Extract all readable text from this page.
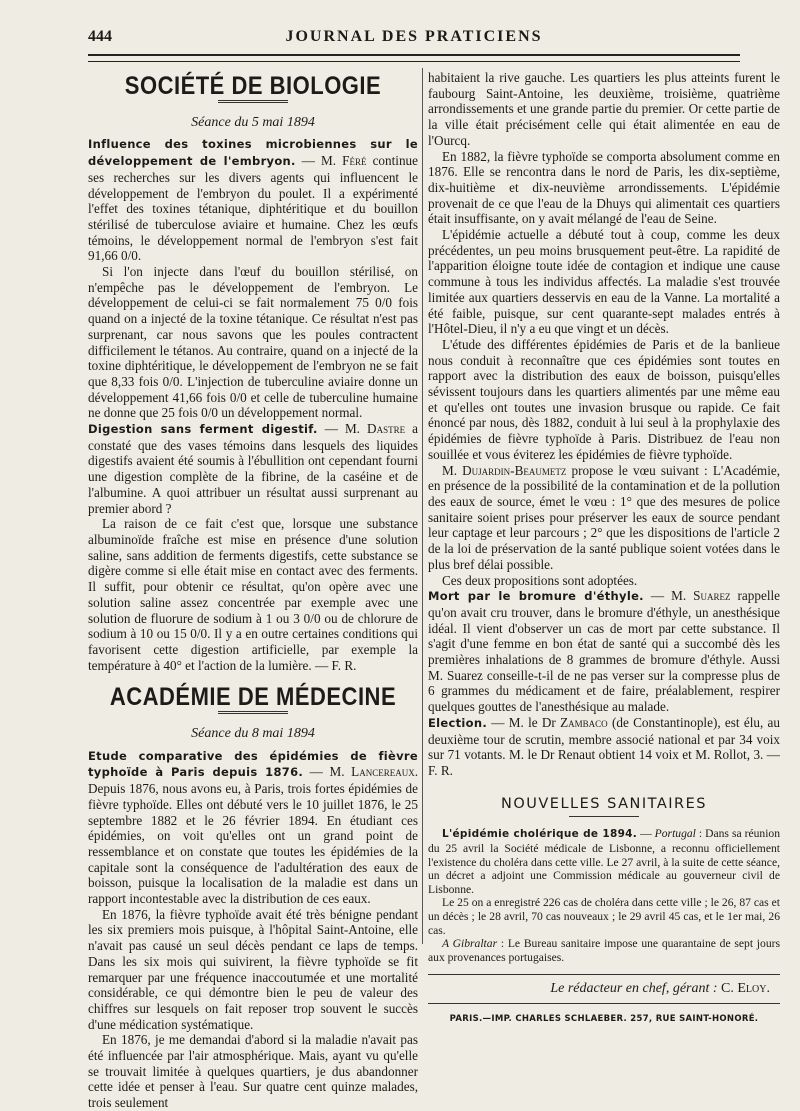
444	JOURNAL DES PRATICIENS
SOCIÉTÉ DE BIOLOGIE
Séance du 5 mai 1894

Influence des toxines microbiennes sur le développement de l'embryon. — M. Féré continue ses recherches sur les divers agents qui influencent le développement de l'embryon du poulet. Il a expérimenté l'effet des toxines tétanique, diphtéritique et du bouillon stérilisé de tuberculose aviaire et humaine. Chez les œufs témoins, le développement normal de l'embryon s'est fait 91,66 0/0.

Si l'on injecte dans l'œuf du bouillon stérilisé, on n'empêche pas le développement de l'embryon. Le développement de celui-ci se fait normalement 75 0/0 fois quand on a injecté de la toxine tétanique. Ce résultat n'est pas surprenant, car nous savons que les poules contractent difficilement le tétanos. Au contraire, quand on a injecté de la toxine diphtéritique, le développement de l'embryon ne se fait que 8,33 fois 0/0. L'injection de tuberculine aviaire donne un développement 41,66 fois 0/0 et celle de tuberculine humaine ne donne que 25 fois 0/0 un développement normal.

Digestion sans ferment digestif. — M. Dastre a constaté que des vases témoins dans lesquels des liquides digestifs avaient été soumis à l'ébullition ont cependant fourni une digestion complète de la fibrine, de la caséine et de l'albumine. A quoi attribuer un résultat aussi surprenant au premier abord ?

La raison de ce fait c'est que, lorsque une substance albuminoïde fraîche est mise en présence d'une solution saline, sans addition de ferments digestifs, cette substance se digère comme si elle était mise en contact avec des ferments. Il suffit, pour obtenir ce résultat, qu'on opère avec une solution saline assez concentrée par exemple avec une solution de fluorure de sodium à 1 ou 3 0/0 ou de chlorure de sodium à 10 ou 15 0/0. Il y a en outre certaines conditions qui favorisent cette digestion artificielle, par exemple la température à 40° et l'action de la lumière. — F. R.

ACADÉMIE DE MÉDECINE
Séance du 8 mai 1894

Etude comparative des épidémies de fièvre typhoïde à Paris depuis 1876. — M. Lancereaux. Depuis 1876, nous avons eu, à Paris, trois fortes épidémies de fièvre typhoïde. Elles ont débuté vers le 10 juillet 1876, le 25 septembre 1882 et le 26 février 1894. En étudiant ces épidémies, on voit qu'elles ont un grand point de ressemblance et on constate que toutes les épidémies de la capitale sont la conséquence de l'adultération des eaux de boisson, puisque la localisation de la maladie est dans un rapport incontestable avec la distribution de ces eaux.

En 1876, la fièvre typhoïde avait été très bénigne pendant les six premiers mois puisque, à l'hôpital Saint-Antoine, elle n'avait pas causé un seul décès pendant ce laps de temps. Dans les six mois qui suivirent, la fièvre typhoïde se fit remarquer par une fréquence inaccoutumée et une mortalité considérable, ce qui démontre bien le peu de valeur des chiffres sur lesquels on fait reposer trop souvent le succès d'une médication systématique.

En 1876, je me demandai d'abord si la maladie n'avait pas été influencée par l'air atmosphérique. Mais, ayant vu qu'elle se trouvait limitée à quelques quartiers, je dus abandonner cette idée et penser à l'eau. Sur quatre cent quinze malades, trois seulement

habitaient la rive gauche. Les quartiers les plus atteints furent le faubourg Saint-Antoine, les deuxième, troisième, quatrième arrondissements et une grande partie du premier. Or cette partie de la ville était précisément celle qui était alimentée en eau de l'Ourcq.

En 1882, la fièvre typhoïde se comporta absolument comme en 1876. Elle se rencontra dans le nord de Paris, les dix-septième, dix-huitième et dix-neuvième arrondissements. L'épidémie provenait de ce que l'eau de la Dhuys qui alimentait ces quartiers était insuffisante, on y avait mélangé de l'eau de Seine.

L'épidémie actuelle a débuté tout à coup, comme les deux précédentes, un peu moins brusquement peut-être. La rapidité de l'apparition éloigne toute idée de contagion et indique une cause commune à tous les individus affectés. La maladie s'est trouvée limitée aux quartiers desservis en eau de la Vanne. La mortalité a été faible, puisque, sur cent quarante-sept malades entrés à l'Hôtel-Dieu, il n'y a eu que vingt et un décès.

L'étude des différentes épidémies de Paris et de la banlieue nous conduit à reconnaître que ces épidémies sont toutes en rapport avec la distribution des eaux de boisson, puisqu'elles sévissent toujours dans les quartiers alimentés par une même eau et qu'elles ont toutes une invasion brusque ou rapide. Ce fait énoncé par nous, dès 1882, conduit à lui seul à la prophylaxie des épidémies de fièvre typhoïde à Paris. Distribuez de l'eau non souillée et vous éviterez les épidémies de fièvre typhoïde.

M. Dujardin-Beaumetz propose le vœu suivant : L'Académie, en présence de la possibilité de la contamination et de la pollution des eaux de source, émet le vœu : 1° que des mesures de police sanitaire soient prises pour préserver les eaux de source pendant leur captage et leur parcours ; 2° que les dispositions de l'article 2 de la loi de préservation de la santé publique soient votées dans le plus bref délai possible.

Ces deux propositions sont adoptées.

Mort par le bromure d'éthyle. — M. Suarez rappelle qu'on avait cru trouver, dans le bromure d'éthyle, un anesthésique idéal. Il vient d'observer un cas de mort par cette substance. Il s'agit d'une femme en bon état de santé qui a succombé dès les premières inhalations de 8 grammes de bromure d'éthyle. Aussi M. Suarez conseille-t-il de ne pas verser sur la compresse plus de 6 grammes du médicament et de faire, préalablement, respirer quelques gouttes de l'anesthésique au malade.

Election. — M. le Dr Zambaco (de Constantinople), est élu, au deuxième tour de scrutin, membre associé national et par 34 voix sur 71 votants. M. le Dr Renaut obtient 14 voix et M. Rollot, 3. — F. R.

NOUVELLES SANITAIRES

L'épidémie cholérique de 1894. — Portugal : Dans sa réunion du 25 avril la Société médicale de Lisbonne, a reconnu officiellement l'existence du choléra dans cette ville. Le 27 avril, à la suite de cette séance, un décret a adjoint une Commission médicale au gouverneur civil de Lisbonne.

Le 25 on a enregistré 226 cas de choléra dans cette ville ; le 26, 87 cas et un décès ; le 28 avril, 70 cas nouveaux ; le 29 avril 45 cas, et le 1er mai, 26 cas.

A Gibraltar : Le Bureau sanitaire impose une quarantaine de sept jours aux provenances portugaises.

Le rédacteur en chef, gérant : C. Eloy.
PARIS.—IMP. CHARLES SCHLAEBER. 257, RUE SAINT-HONORÉ.
